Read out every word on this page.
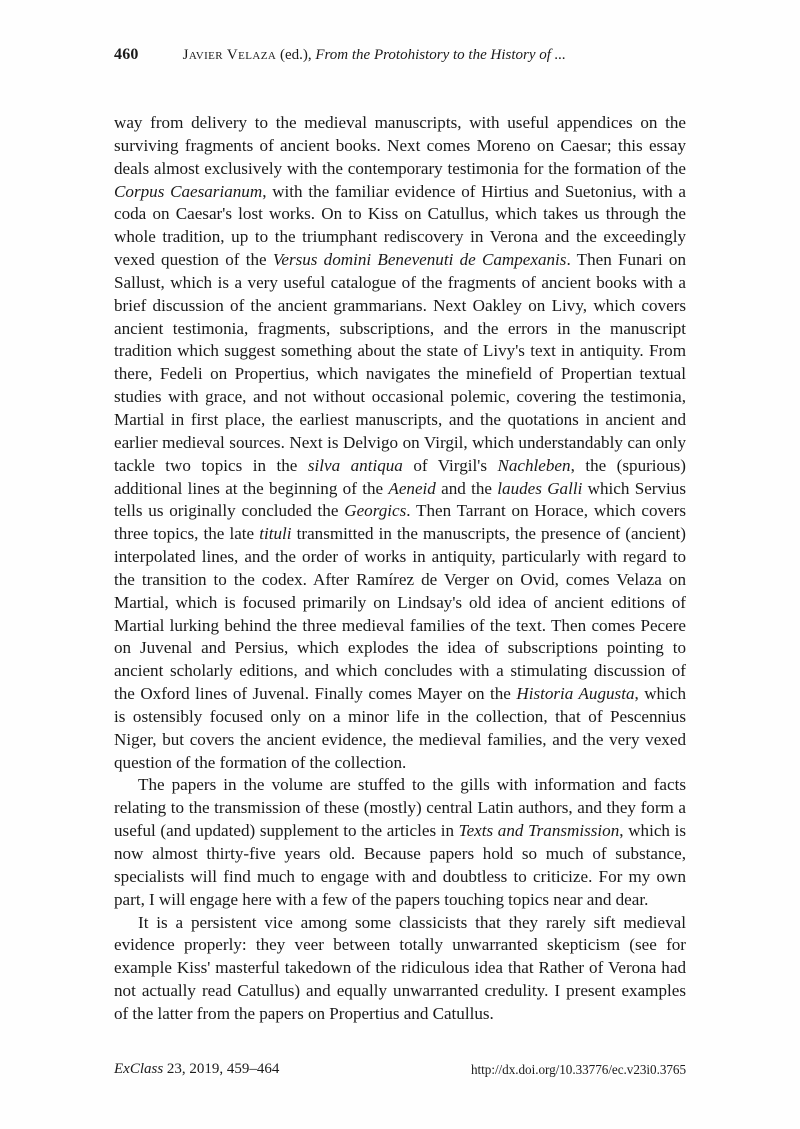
460	Javier Velaza (ed.), From the Protohistory to the History of ...

way from delivery to the medieval manuscripts, with useful appendices on the surviving fragments of ancient books. Next comes Moreno on Caesar; this essay deals almost exclusively with the contemporary testimonia for the formation of the Corpus Caesarianum, with the familiar evidence of Hirtius and Suetonius, with a coda on Caesar's lost works. On to Kiss on Catullus, which takes us through the whole tradition, up to the triumphant rediscovery in Verona and the exceedingly vexed question of the Versus domini Benevenuti de Campexanis. Then Funari on Sallust, which is a very useful catalogue of the fragments of ancient books with a brief discussion of the ancient grammarians. Next Oakley on Livy, which covers ancient testimonia, fragments, subscriptions, and the errors in the manuscript tradition which suggest something about the state of Livy's text in antiquity. From there, Fedeli on Propertius, which navigates the minefield of Propertian textual studies with grace, and not without occasional polemic, covering the testimonia, Martial in first place, the earliest manuscripts, and the quotations in ancient and earlier medieval sources. Next is Delvigo on Virgil, which understandably can only tackle two topics in the silva antiqua of Virgil's Nachleben, the (spurious) additional lines at the beginning of the Aeneid and the laudes Galli which Servius tells us originally concluded the Georgics. Then Tarrant on Horace, which covers three topics, the late tituli transmitted in the manuscripts, the presence of (ancient) interpolated lines, and the order of works in antiquity, particularly with regard to the transition to the codex. After Ramírez de Verger on Ovid, comes Velaza on Martial, which is focused primarily on Lindsay's old idea of ancient editions of Martial lurking behind the three medieval families of the text. Then comes Pecere on Juvenal and Persius, which explodes the idea of subscriptions pointing to ancient scholarly editions, and which concludes with a stimulating discussion of the Oxford lines of Juvenal. Finally comes Mayer on the Historia Augusta, which is ostensibly focused only on a minor life in the collection, that of Pescennius Niger, but covers the ancient evidence, the medieval families, and the very vexed question of the formation of the collection.

The papers in the volume are stuffed to the gills with information and facts relating to the transmission of these (mostly) central Latin authors, and they form a useful (and updated) supplement to the articles in Texts and Transmission, which is now almost thirty-five years old. Because papers hold so much of substance, specialists will find much to engage with and doubtless to criticize. For my own part, I will engage here with a few of the papers touching topics near and dear.

It is a persistent vice among some classicists that they rarely sift medieval evidence properly: they veer between totally unwarranted skepticism (see for example Kiss' masterful takedown of the ridiculous idea that Rather of Verona had not actually read Catullus) and equally unwarranted credulity. I present examples of the latter from the papers on Propertius and Catullus.

ExClass 23, 2019, 459–464	http://dx.doi.org/10.33776/ec.v23i0.3765
